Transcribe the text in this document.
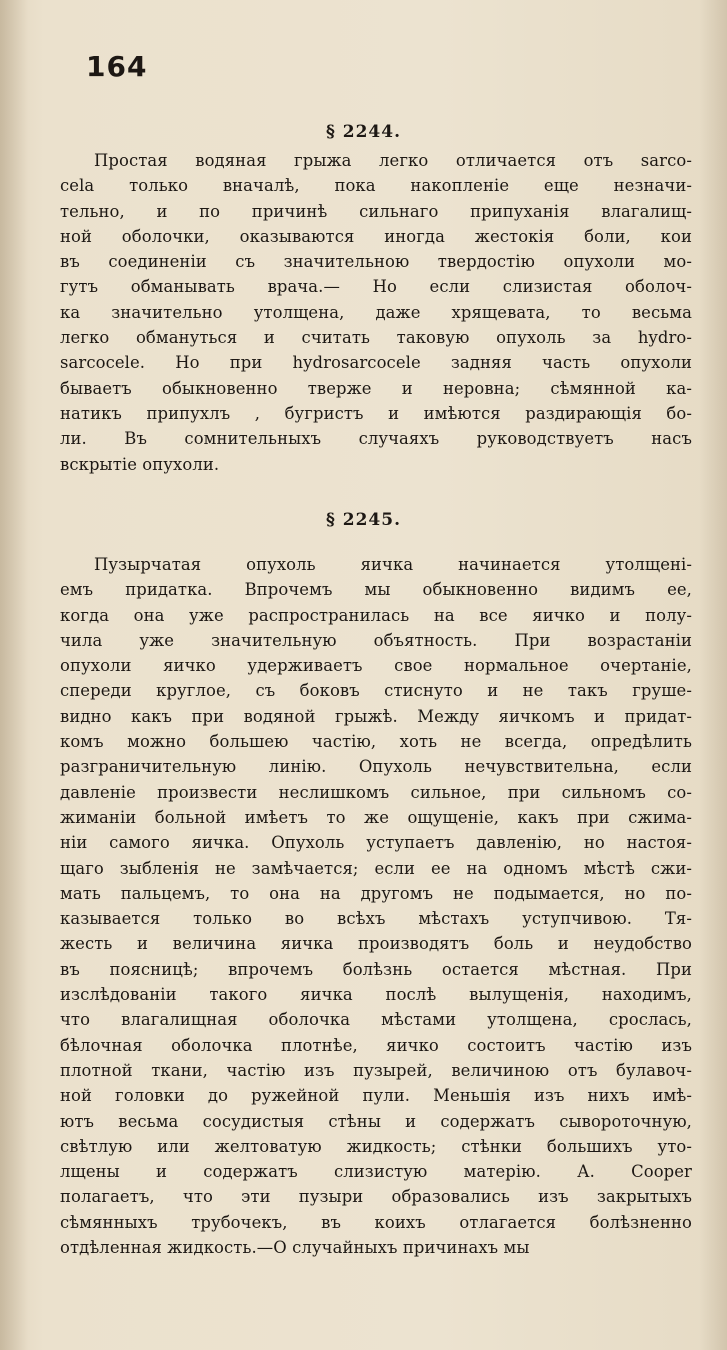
164
§ 2244.
Простая водяная грыжа легко отличается отъ sarco-
cela только вначалѣ, пока накопленіе еще незначи-
тельно, и по причинѣ сильнаго припуханія влагалищ-
ной оболочки, оказываются иногда жестокія боли, кои
въ соединеніи съ значительною твердостію опухоли мо-
гутъ обманывать врача.— Но если слизистая оболоч-
ка значительно утолщена, даже хрящевата, то весьма
легко обмануться и считать таковую опухоль за hydro-
sarcocele. Но при hydrosarcocele задняя часть опухоли
бываетъ обыкновенно тверже и неровна; сѣмянной ка-
натикъ припухлъ , бугристъ и имѣются раздирающія бо-
ли. Въ сомнительныхъ случаяхъ руководствуетъ насъ
вскрытіе опухоли.
§ 2245.
Пузырчатая опухоль яичка начинается утолщені-
емъ придатка. Впрочемъ мы обыкновенно видимъ ее,
когда она уже распространилась на все яичко и полу-
чила уже значительную объятность. При возрастаніи
опухоли яичко удерживаетъ свое нормальное очертаніе,
спереди круглое, съ боковъ стиснуто и не такъ груше-
видно какъ при водяной грыжѣ. Между яичкомъ и придат-
комъ можно большею частію, хоть не всегда, опредѣлить
разграничительную линію. Опухоль нечувствительна, если
давленіе произвести неслишкомъ сильное, при сильномъ со-
жиманіи больной имѣетъ то же ощущеніе, какъ при сжима-
ніи самого яичка. Опухоль уступаетъ давленію, но настоя-
щаго зыбленія не замѣчается; если ее на одномъ мѣстѣ сжи-
мать пальцемъ, то она на другомъ не подымается, но по-
казывается только во всѣхъ мѣстахъ уступчивою. Тя-
жесть и величина яичка производятъ боль и неудобство
въ поясницѣ; впрочемъ болѣзнь остается мѣстная. При
изслѣдованіи такого яичка послѣ вылущенія, находимъ,
что влагалищная оболочка мѣстами утолщена, срослась,
бѣлочная оболочка плотнѣе, яичко состоитъ частію изъ
плотной ткани, частію изъ пузырей, величиною отъ булавоч-
ной головки до ружейной пули. Меньшія изъ нихъ имѣ-
ютъ весьма сосудистыя стѣны и содержатъ сывороточную,
свѣтлую или желтоватую жидкость; стѣнки большихъ уто-
лщены и содержатъ слизистую матерію. А. Cooper
полагаетъ, что эти пузыри образовались изъ закрытыхъ
сѣмянныхъ трубочекъ, въ коихъ отлагается болѣзненно
отдѣленная жидкость.—О случайныхъ причинахъ мы
